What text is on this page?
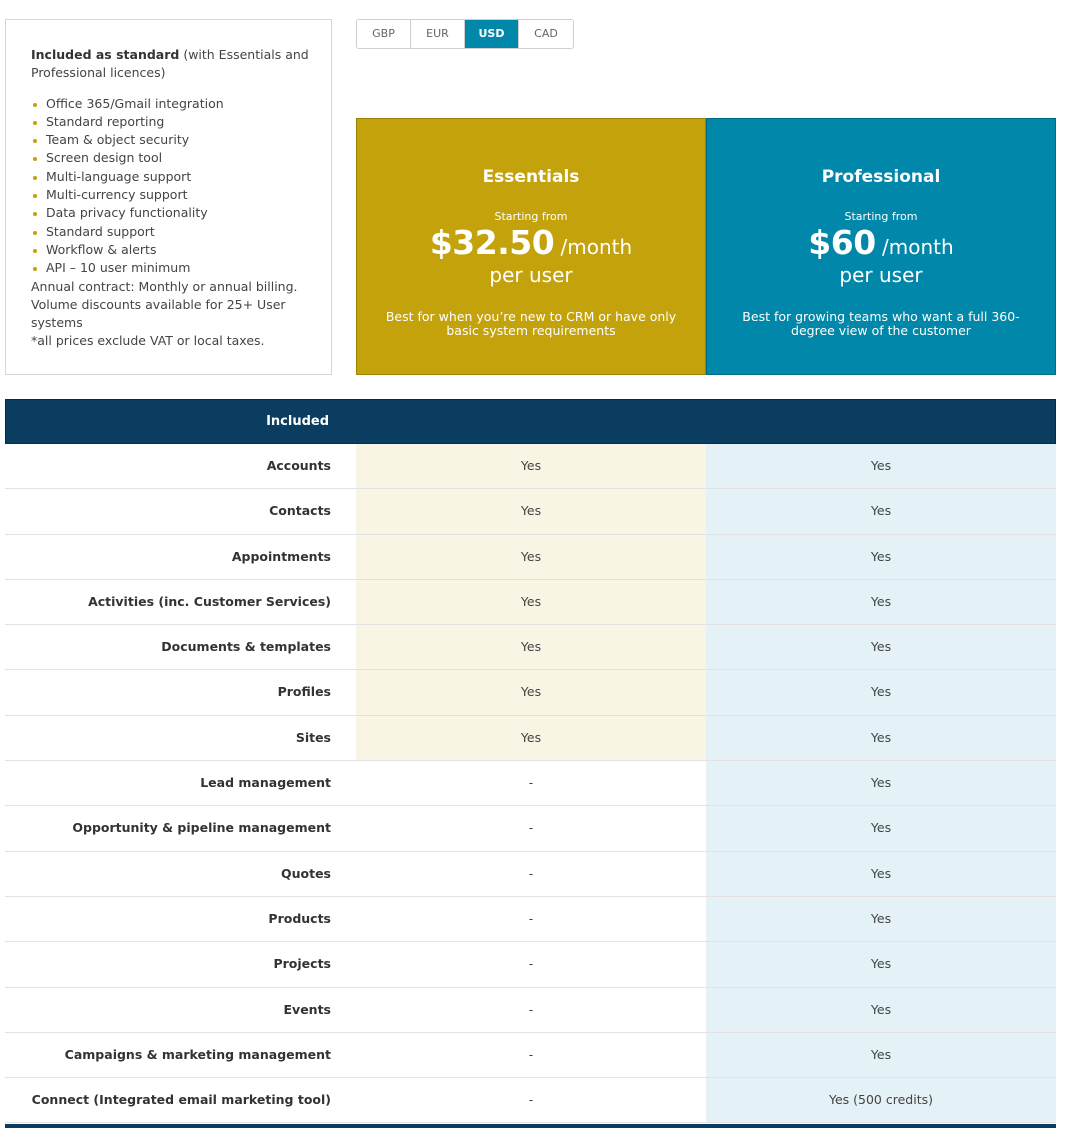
Included as standard (with Essentials and Professional licences)
Office 365/Gmail integration
Standard reporting
Team & object security
Screen design tool
Multi-language support
Multi-currency support
Data privacy functionality
Standard support
Workflow & alerts
API – 10 user minimum
Annual contract: Monthly or annual billing.
Volume discounts available for 25+ User systems
*all prices exclude VAT or local taxes.
GBP	EUR	USD	CAD
Essentials
Starting from
$32.50 /month
per user
Best for when you’re new to CRM or have only basic system requirements
Professional
Starting from
$60 /month
per user
Best for growing teams who want a full 360-degree view of the customer
Included
Accounts	Yes	Yes
Contacts	Yes	Yes
Appointments	Yes	Yes
Activities (inc. Customer Services)	Yes	Yes
Documents & templates	Yes	Yes
Profiles	Yes	Yes
Sites	Yes	Yes
Lead management	-	Yes
Opportunity & pipeline management	-	Yes
Quotes	-	Yes
Products	-	Yes
Projects	-	Yes
Events	-	Yes
Campaigns & marketing management	-	Yes
Connect (Integrated email marketing tool)	-	Yes (500 credits)
